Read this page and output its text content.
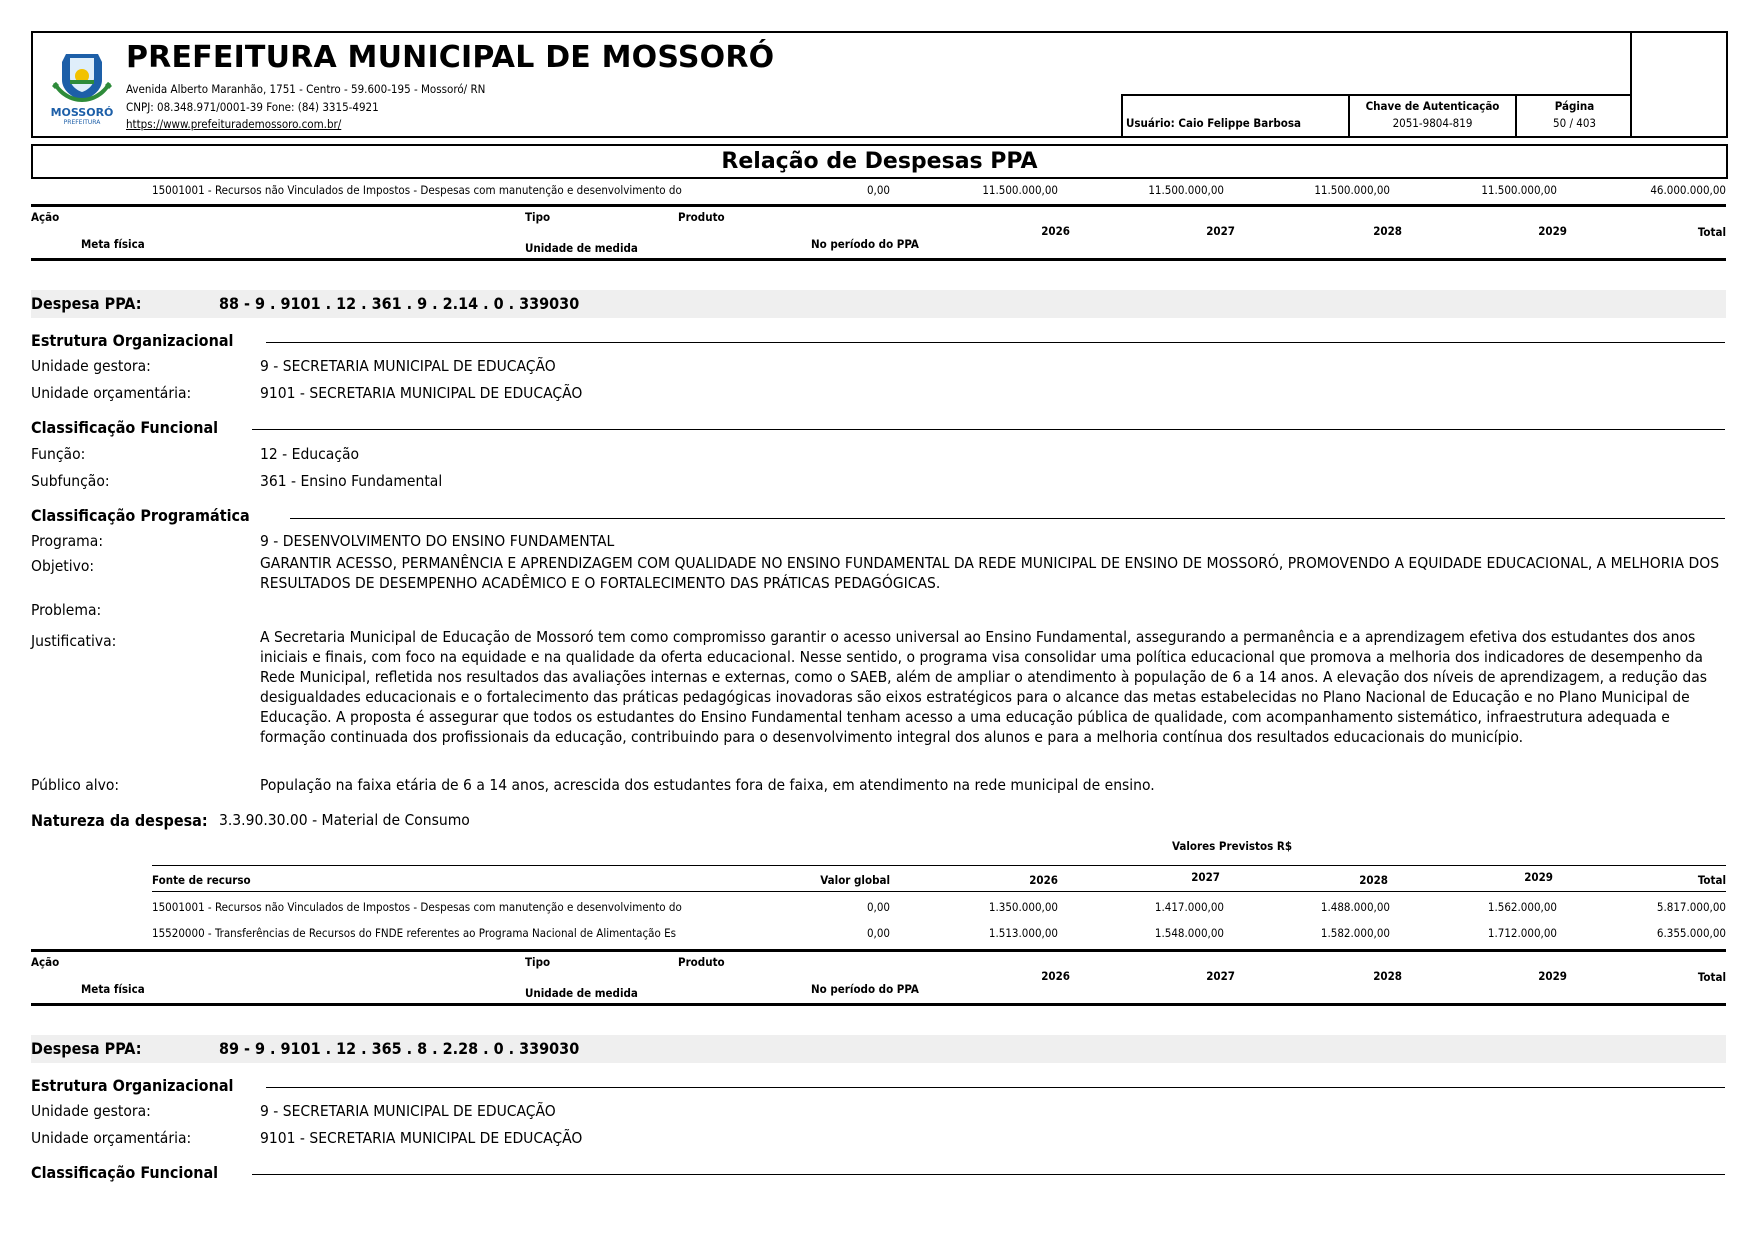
MOSSORÓ
PREFEITURA
PREFEITURA MUNICIPAL DE MOSSORÓ
Avenida Alberto Maranhão, 1751 - Centro - 59.600-195 - Mossoró/ RN
CNPJ: 08.348.971/0001-39 Fone: (84) 3315-4921
https://www.prefeiturademossoro.com.br/	Usuário: Caio Felippe Barbosa
Chave de Autenticação
2051-9804-819
Página
50 / 403
Relação de Despesas PPA
15001001 - Recursos não Vinculados de Impostos - Despesas com manutenção e desenvolvimento do	0,00	11.500.000,00	11.500.000,00	11.500.000,00	11.500.000,00	46.000.000,00
Ação
Meta física
Tipo
Unidade de medida
Produto
No período do PPA
2026	2027	2028	2029	Total
Despesa PPA:	88 - 9 . 9101 . 12 . 361 . 9 . 2.14 . 0 . 339030
Estrutura Organizacional
Unidade gestora:	9 - SECRETARIA MUNICIPAL DE EDUCAÇÃO
Unidade orçamentária:	9101 - SECRETARIA MUNICIPAL DE EDUCAÇÃO
Classificação Funcional
Função:	12 - Educação
Subfunção:	361 - Ensino Fundamental
Classificação Programática
Programa:	9 - DESENVOLVIMENTO DO ENSINO FUNDAMENTAL
Objetivo:	GARANTIR ACESSO, PERMANÊNCIA E APRENDIZAGEM COM QUALIDADE NO ENSINO FUNDAMENTAL DA REDE MUNICIPAL DE ENSINO DE MOSSORÓ, PROMOVENDO A EQUIDADE EDUCACIONAL, A MELHORIA DOS RESULTADOS DE DESEMPENHO ACADÊMICO E O FORTALECIMENTO DAS PRÁTICAS PEDAGÓGICAS.
Problema:
Justificativa:	A Secretaria Municipal de Educação de Mossoró tem como compromisso garantir o acesso universal ao Ensino Fundamental, assegurando a permanência e a aprendizagem efetiva dos estudantes dos anos iniciais e finais, com foco na equidade e na qualidade da oferta educacional. Nesse sentido, o programa visa consolidar uma política educacional que promova a melhoria dos indicadores de desempenho da Rede Municipal, refletida nos resultados das avaliações internas e externas, como o SAEB, além de ampliar o atendimento à população de 6 a 14 anos. A elevação dos níveis de aprendizagem, a redução das desigualdades educacionais e o fortalecimento das práticas pedagógicas inovadoras são eixos estratégicos para o alcance das metas estabelecidas no Plano Nacional de Educação e no Plano Municipal de Educação. A proposta é assegurar que todos os estudantes do Ensino Fundamental tenham acesso a uma educação pública de qualidade, com acompanhamento sistemático, infraestrutura adequada e formação continuada dos profissionais da educação, contribuindo para o desenvolvimento integral dos alunos e para a melhoria contínua dos resultados educacionais do município.
Público alvo:	População na faixa etária de 6 a 14 anos, acrescida dos estudantes fora de faixa, em atendimento na rede municipal de ensino.
Natureza da despesa: 3.3.90.30.00 - Material de Consumo
Valores Previstos R$
Fonte de recurso	Valor global	2026	2027	2028	2029	Total
15001001 - Recursos não Vinculados de Impostos - Despesas com manutenção e desenvolvimento do	0,00	1.350.000,00	1.417.000,00	1.488.000,00	1.562.000,00	5.817.000,00
15520000 - Transferências de Recursos do FNDE referentes ao Programa Nacional de Alimentação Es	0,00	1.513.000,00	1.548.000,00	1.582.000,00	1.712.000,00	6.355.000,00
Ação
Meta física
Tipo
Unidade de medida
Produto
No período do PPA
2026	2027	2028	2029	Total
Despesa PPA:	89 - 9 . 9101 . 12 . 365 . 8 . 2.28 . 0 . 339030
Estrutura Organizacional
Unidade gestora:	9 - SECRETARIA MUNICIPAL DE EDUCAÇÃO
Unidade orçamentária:	9101 - SECRETARIA MUNICIPAL DE EDUCAÇÃO
Classificação Funcional
